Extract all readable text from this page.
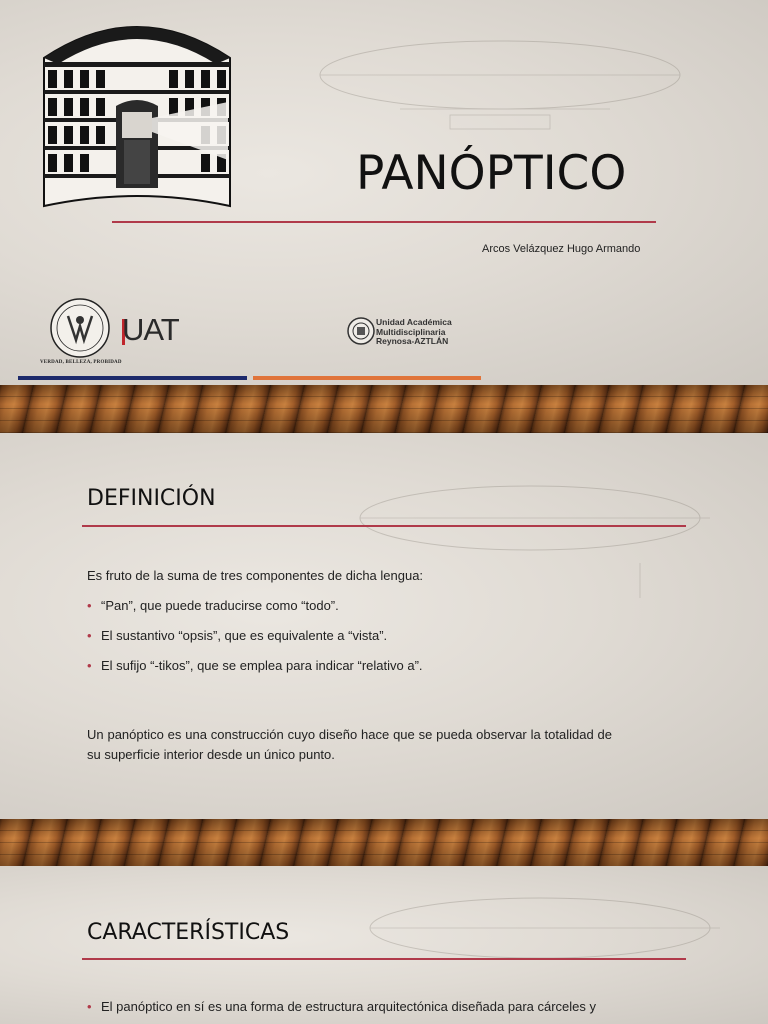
PANÓPTICO
Arcos Velázquez Hugo Armando
UAT
VERDAD, BELLEZA, PROBIDAD
Unidad Académica
Multidisciplinaria
Reynosa-AZTLÁN
DEFINICIÓN
Es fruto de la suma de tres componentes de dicha lengua:
• “Pan”, que puede traducirse como “todo”.
• El sustantivo “opsis”, que es equivalente a “vista”.
• El sufijo “-tikos”, que se emplea para indicar “relativo a”.

Un panóptico es una construcción cuyo diseño hace que se pueda observar la totalidad de su superficie interior desde un único punto.

CARACTERÍSTICAS
• El panóptico en sí es una forma de estructura arquitectónica diseñada para cárceles y
